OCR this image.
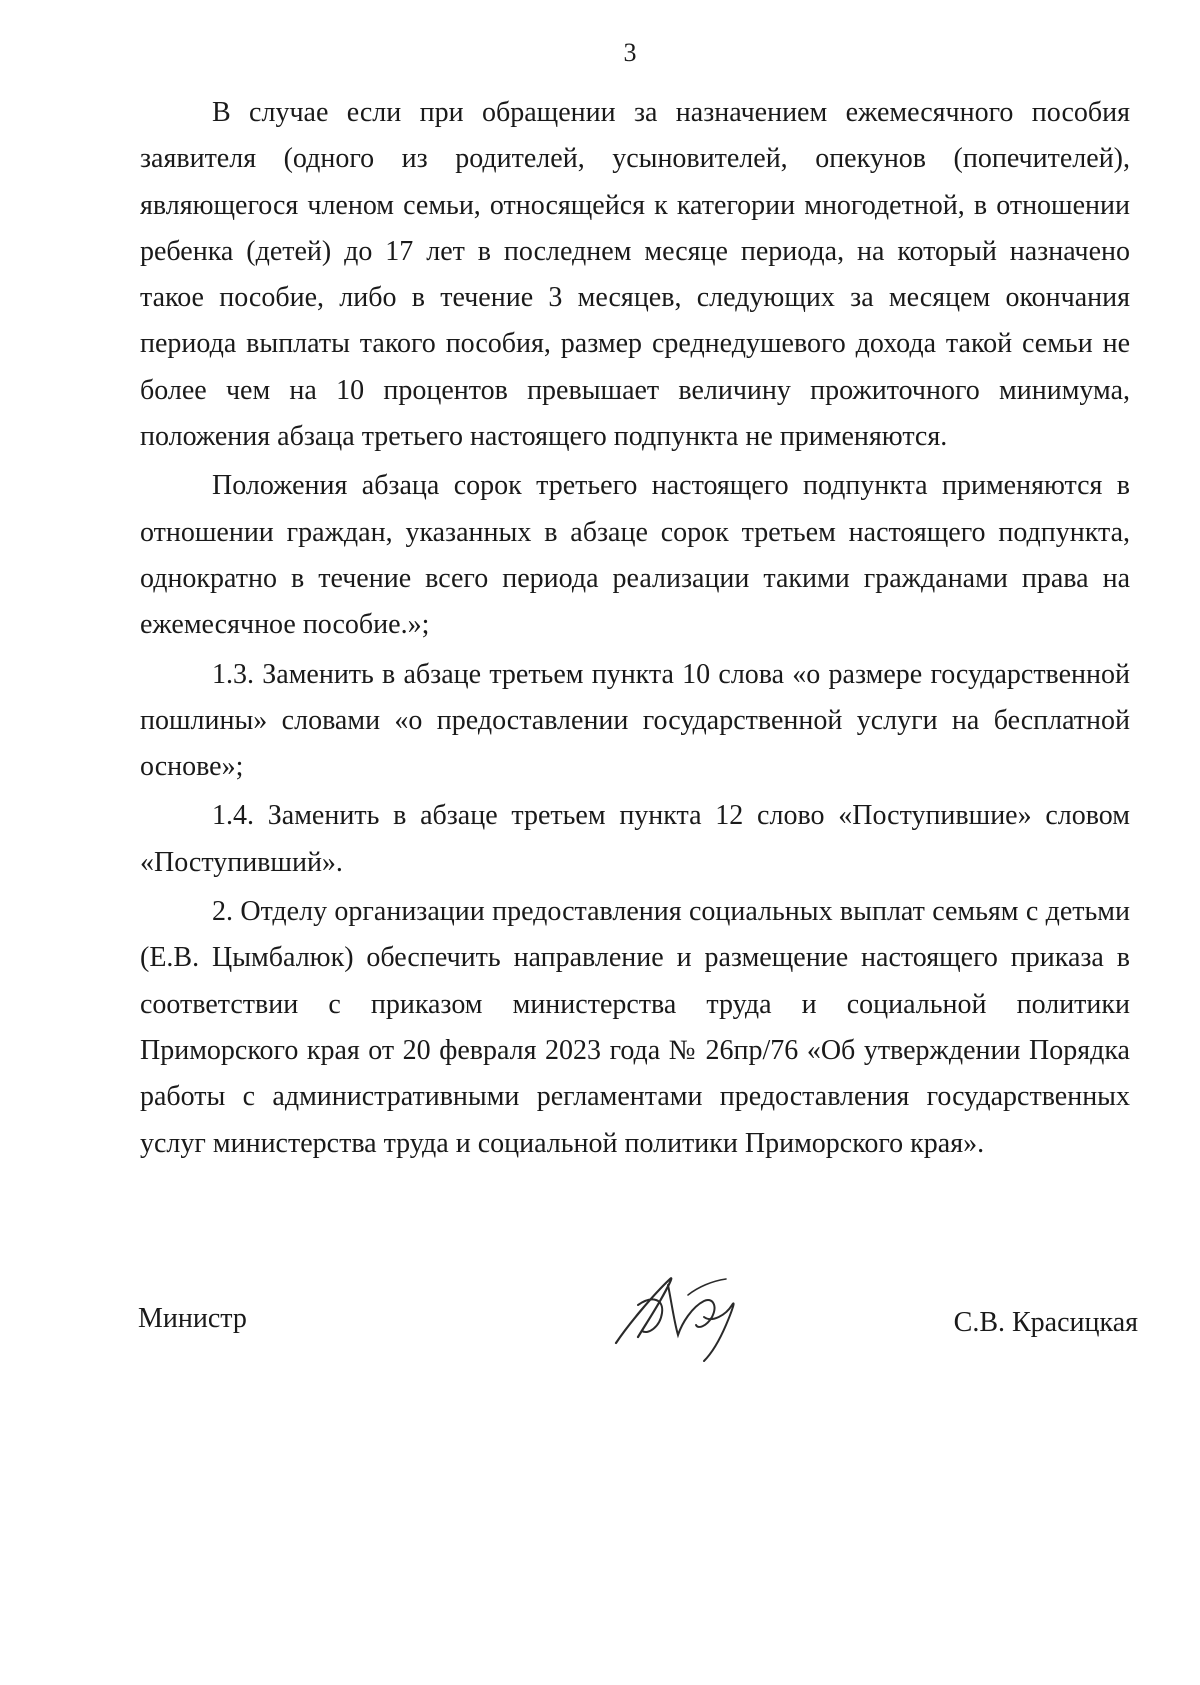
3

В случае если при обращении за назначением ежемесячного пособия заявителя (одного из родителей, усыновителей, опекунов (попечителей), являющегося членом семьи, относящейся к категории многодетной, в отношении ребенка (детей) до 17 лет в последнем месяце периода, на который назначено такое пособие, либо в течение 3 месяцев, следующих за месяцем окончания периода выплаты такого пособия, размер среднедушевого дохода такой семьи не более чем на 10 процентов превышает величину прожиточного минимума, положения абзаца третьего настоящего подпункта не применяются.

Положения абзаца сорок третьего настоящего подпункта применяются в отношении граждан, указанных в абзаце сорок третьем настоящего подпункта, однократно в течение всего периода реализации такими гражданами права на ежемесячное пособие.»;

1.3. Заменить в абзаце третьем пункта 10 слова «о размере государственной пошлины» словами «о предоставлении государственной услуги на бесплатной основе»;

1.4. Заменить в абзаце третьем пункта 12 слово «Поступившие» словом «Поступивший».

2. Отделу организации предоставления социальных выплат семьям с детьми (Е.В. Цымбалюк) обеспечить направление и размещение настоящего приказа в соответствии с приказом министерства труда и социальной политики Приморского края от 20 февраля 2023 года № 26пр/76 «Об утверждении Порядка работы с административными регламентами предоставления государственных услуг министерства труда и социальной политики Приморского края».

Министр	С.В. Красицкая
